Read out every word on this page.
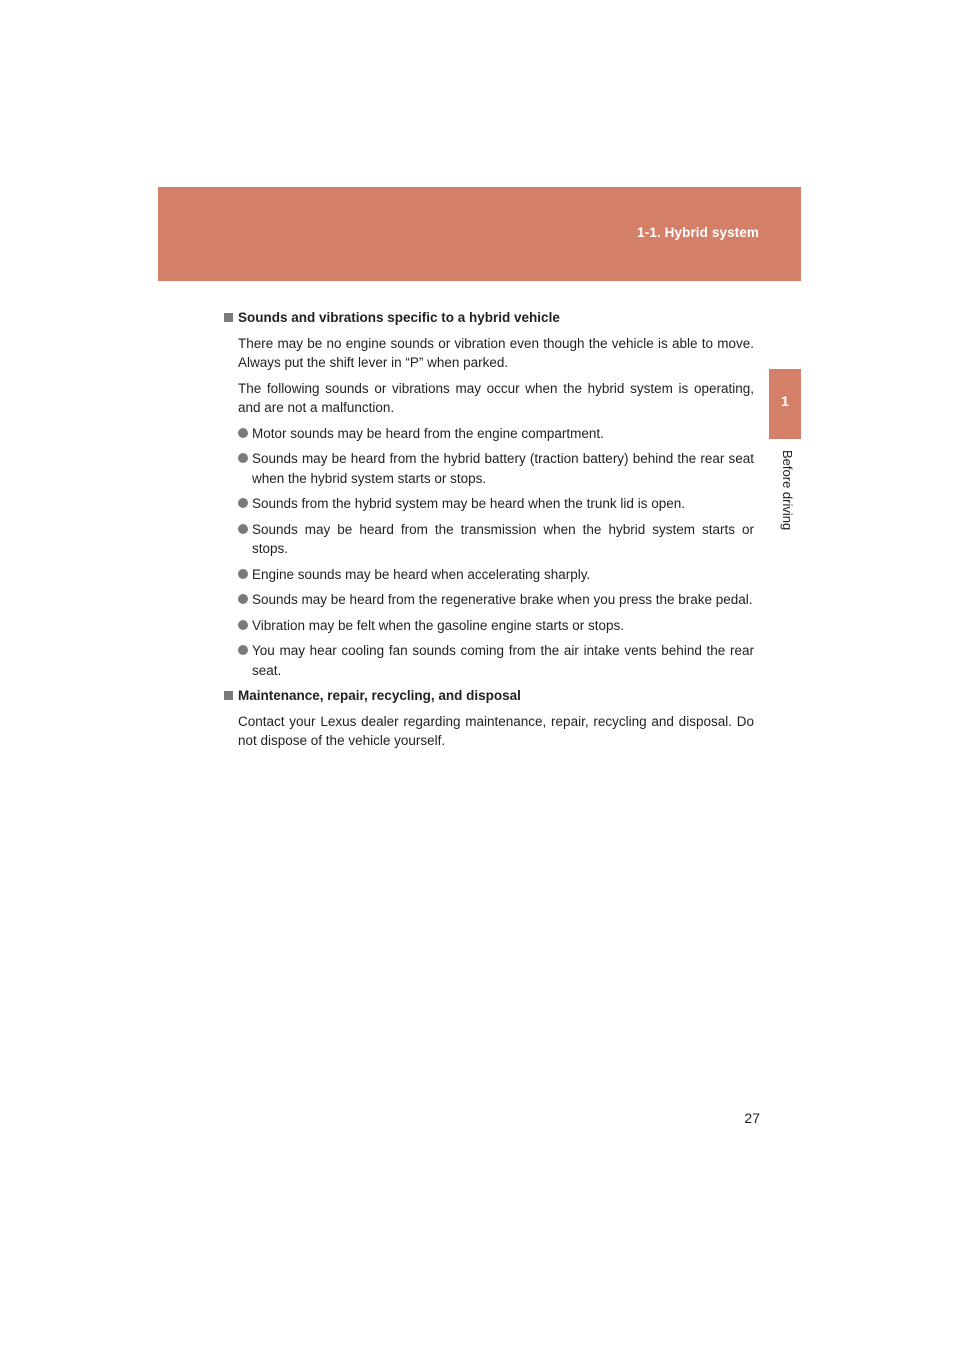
1-1. Hybrid system
1
Before driving
Sounds and vibrations specific to a hybrid vehicle

There may be no engine sounds or vibration even though the vehicle is able to move. Always put the shift lever in “P” when parked.

The following sounds or vibrations may occur when the hybrid system is operating, and are not a malfunction.

Motor sounds may be heard from the engine compartment.
Sounds may be heard from the hybrid battery (traction battery) behind the rear seat when the hybrid system starts or stops.
Sounds from the hybrid system may be heard when the trunk lid is open.
Sounds may be heard from the transmission when the hybrid system starts or stops.
Engine sounds may be heard when accelerating sharply.
Sounds may be heard from the regenerative brake when you press the brake pedal.
Vibration may be felt when the gasoline engine starts or stops.
You may hear cooling fan sounds coming from the air intake vents behind the rear seat.
Maintenance, repair, recycling, and disposal

Contact your Lexus dealer regarding maintenance, repair, recycling and disposal. Do not dispose of the vehicle yourself.

27
